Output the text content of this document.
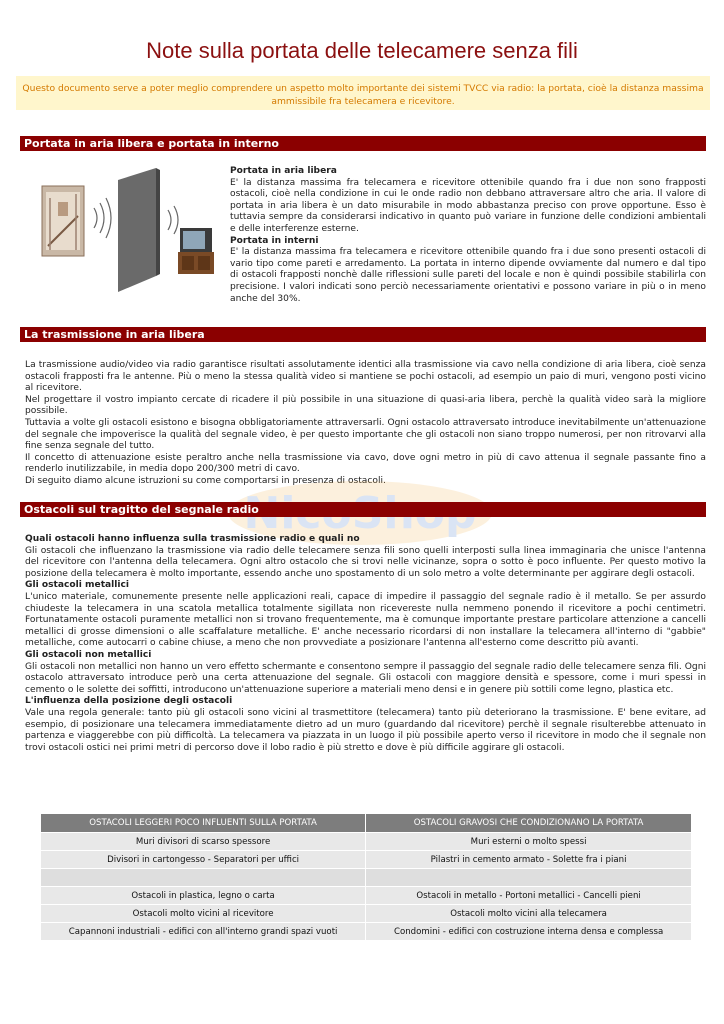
Note sulla portata delle telecamere senza fili
Questo documento serve a poter meglio comprendere un aspetto molto importante dei sistemi TVCC via radio: la portata, cioè la distanza massima ammissibile fra telecamera e ricevitore.
Portata in aria libera e portata in interno

Portata in aria libera

E' la distanza massima fra telecamera e ricevitore ottenibile quando fra i due non sono frapposti ostacoli, cioè nella condizione in cui le onde radio non debbano attraversare altro che aria. Il valore di portata in aria libera è un dato misurabile in modo abbastanza preciso con prove opportune. Esso è tuttavia sempre da considerarsi indicativo in quanto può variare in funzione delle condizioni ambientali e delle interferenze esterne.

Portata in interni

E' la distanza massima fra telecamera e ricevitore ottenibile quando fra i due sono presenti ostacoli di vario tipo come pareti e arredamento. La portata in interno dipende ovviamente dal numero e dal tipo di ostacoli frapposti nonchè dalle riflessioni sulle pareti del locale e non è quindi possibile stabilirla con precisione. I valori indicati sono perciò necessariamente orientativi e possono variare in più o in meno anche del 30%.

La trasmissione in aria libera

La trasmissione audio/video via radio garantisce risultati assolutamente identici alla trasmissione via cavo nella condizione di aria libera, cioè senza ostacoli frapposti fra le antenne. Più o meno la stessa qualità video si mantiene se pochi ostacoli, ad esempio un paio di muri, vengono posti vicino al ricevitore.

Nel progettare il vostro impianto cercate di ricadere il più possibile in una situazione di quasi-aria libera, perchè la qualità video sarà la migliore possibile.

Tuttavia a volte gli ostacoli esistono e bisogna obbligatoriamente attraversarli. Ogni ostacolo attraversato introduce inevitabilmente un'attenuazione del segnale che impoverisce la qualità del segnale video, è per questo importante che gli ostacoli non siano troppo numerosi, per non ritrovarvi alla fine senza segnale del tutto.

Il concetto di attenuazione esiste peraltro anche nella trasmissione via cavo, dove ogni metro in più di cavo attenua il segnale passante fino a renderlo inutilizzabile, in media dopo 200/300 metri di cavo.

Di seguito diamo alcune istruzioni su come comportarsi in presenza di ostacoli.

Ostacoli sul tragitto del segnale radio

Quali ostacoli hanno influenza sulla trasmissione radio e quali no

Gli ostacoli che influenzano la trasmissione via radio delle telecamere senza fili sono quelli interposti sulla linea immaginaria che unisce l'antenna del ricevitore con l'antenna della telecamera. Ogni altro ostacolo che si trovi nelle vicinanze, sopra o sotto è poco influente. Per questo motivo la posizione della telecamera è molto importante, essendo anche uno spostamento di un solo metro a volte determinante per aggirare degli ostacoli.

Gli ostacoli metallici

L'unico materiale, comunemente presente nelle applicazioni reali, capace di impedire il passaggio del segnale radio è il metallo. Se per assurdo chiudeste la telecamera in una scatola metallica totalmente sigillata non ricevereste nulla nemmeno ponendo il ricevitore a pochi centimetri. Fortunatamente ostacoli puramente metallici non si trovano frequentemente, ma è comunque importante prestare particolare attenzione a cancelli metallici di grosse dimensioni o alle scaffalature metalliche. E' anche necessario ricordarsi di non installare la telecamera all'interno di "gabbie" metalliche, come autocarri o cabine chiuse, a meno che non provvediate a posizionare l'antenna all'esterno come descritto più avanti.

Gli ostacoli non metallici

Gli ostacoli non metallici non hanno un vero effetto schermante e consentono sempre il passaggio del segnale radio delle telecamere senza fili. Ogni ostacolo attraversato introduce però una certa attenuazione del segnale. Gli ostacoli con maggiore densità e spessore, come i muri spessi in cemento o le solette dei soffitti, introducono un'attenuazione superiore a materiali meno densi e in genere più sottili come legno, plastica etc.

L'influenza della posizione degli ostacoli

Vale una regola generale: tanto più gli ostacoli sono vicini al trasmettitore (telecamera) tanto più deteriorano la trasmissione. E' bene evitare, ad esempio, di posizionare una telecamera immediatamente dietro ad un muro (guardando dal ricevitore) perchè il segnale risulterebbe attenuato in partenza e viaggerebbe con più difficoltà. La telecamera va piazzata in un luogo il più possibile aperto verso il ricevitore in modo che il segnale non trovi ostacoli ostici nei primi metri di percorso dove il lobo radio è più stretto e dove è più difficile aggirare gli ostacoli.

OSTACOLI LEGGERI POCO INFLUENTI SULLA PORTATA	OSTACOLI GRAVOSI CHE CONDIZIONANO LA PORTATA
Muri divisori di scarso spessore	Muri esterni o molto spessi
Divisori in cartongesso - Separatori per uffici	Pilastri in cemento armato - Solette fra i piani

Ostacoli in plastica, legno o carta	Ostacoli in metallo - Portoni metallici - Cancelli pieni
Ostacoli molto vicini al ricevitore	Ostacoli molto vicini alla telecamera
Capannoni industriali - edifici con all'interno grandi spazi vuoti	Condomini - edifici con costruzione interna densa e complessa
